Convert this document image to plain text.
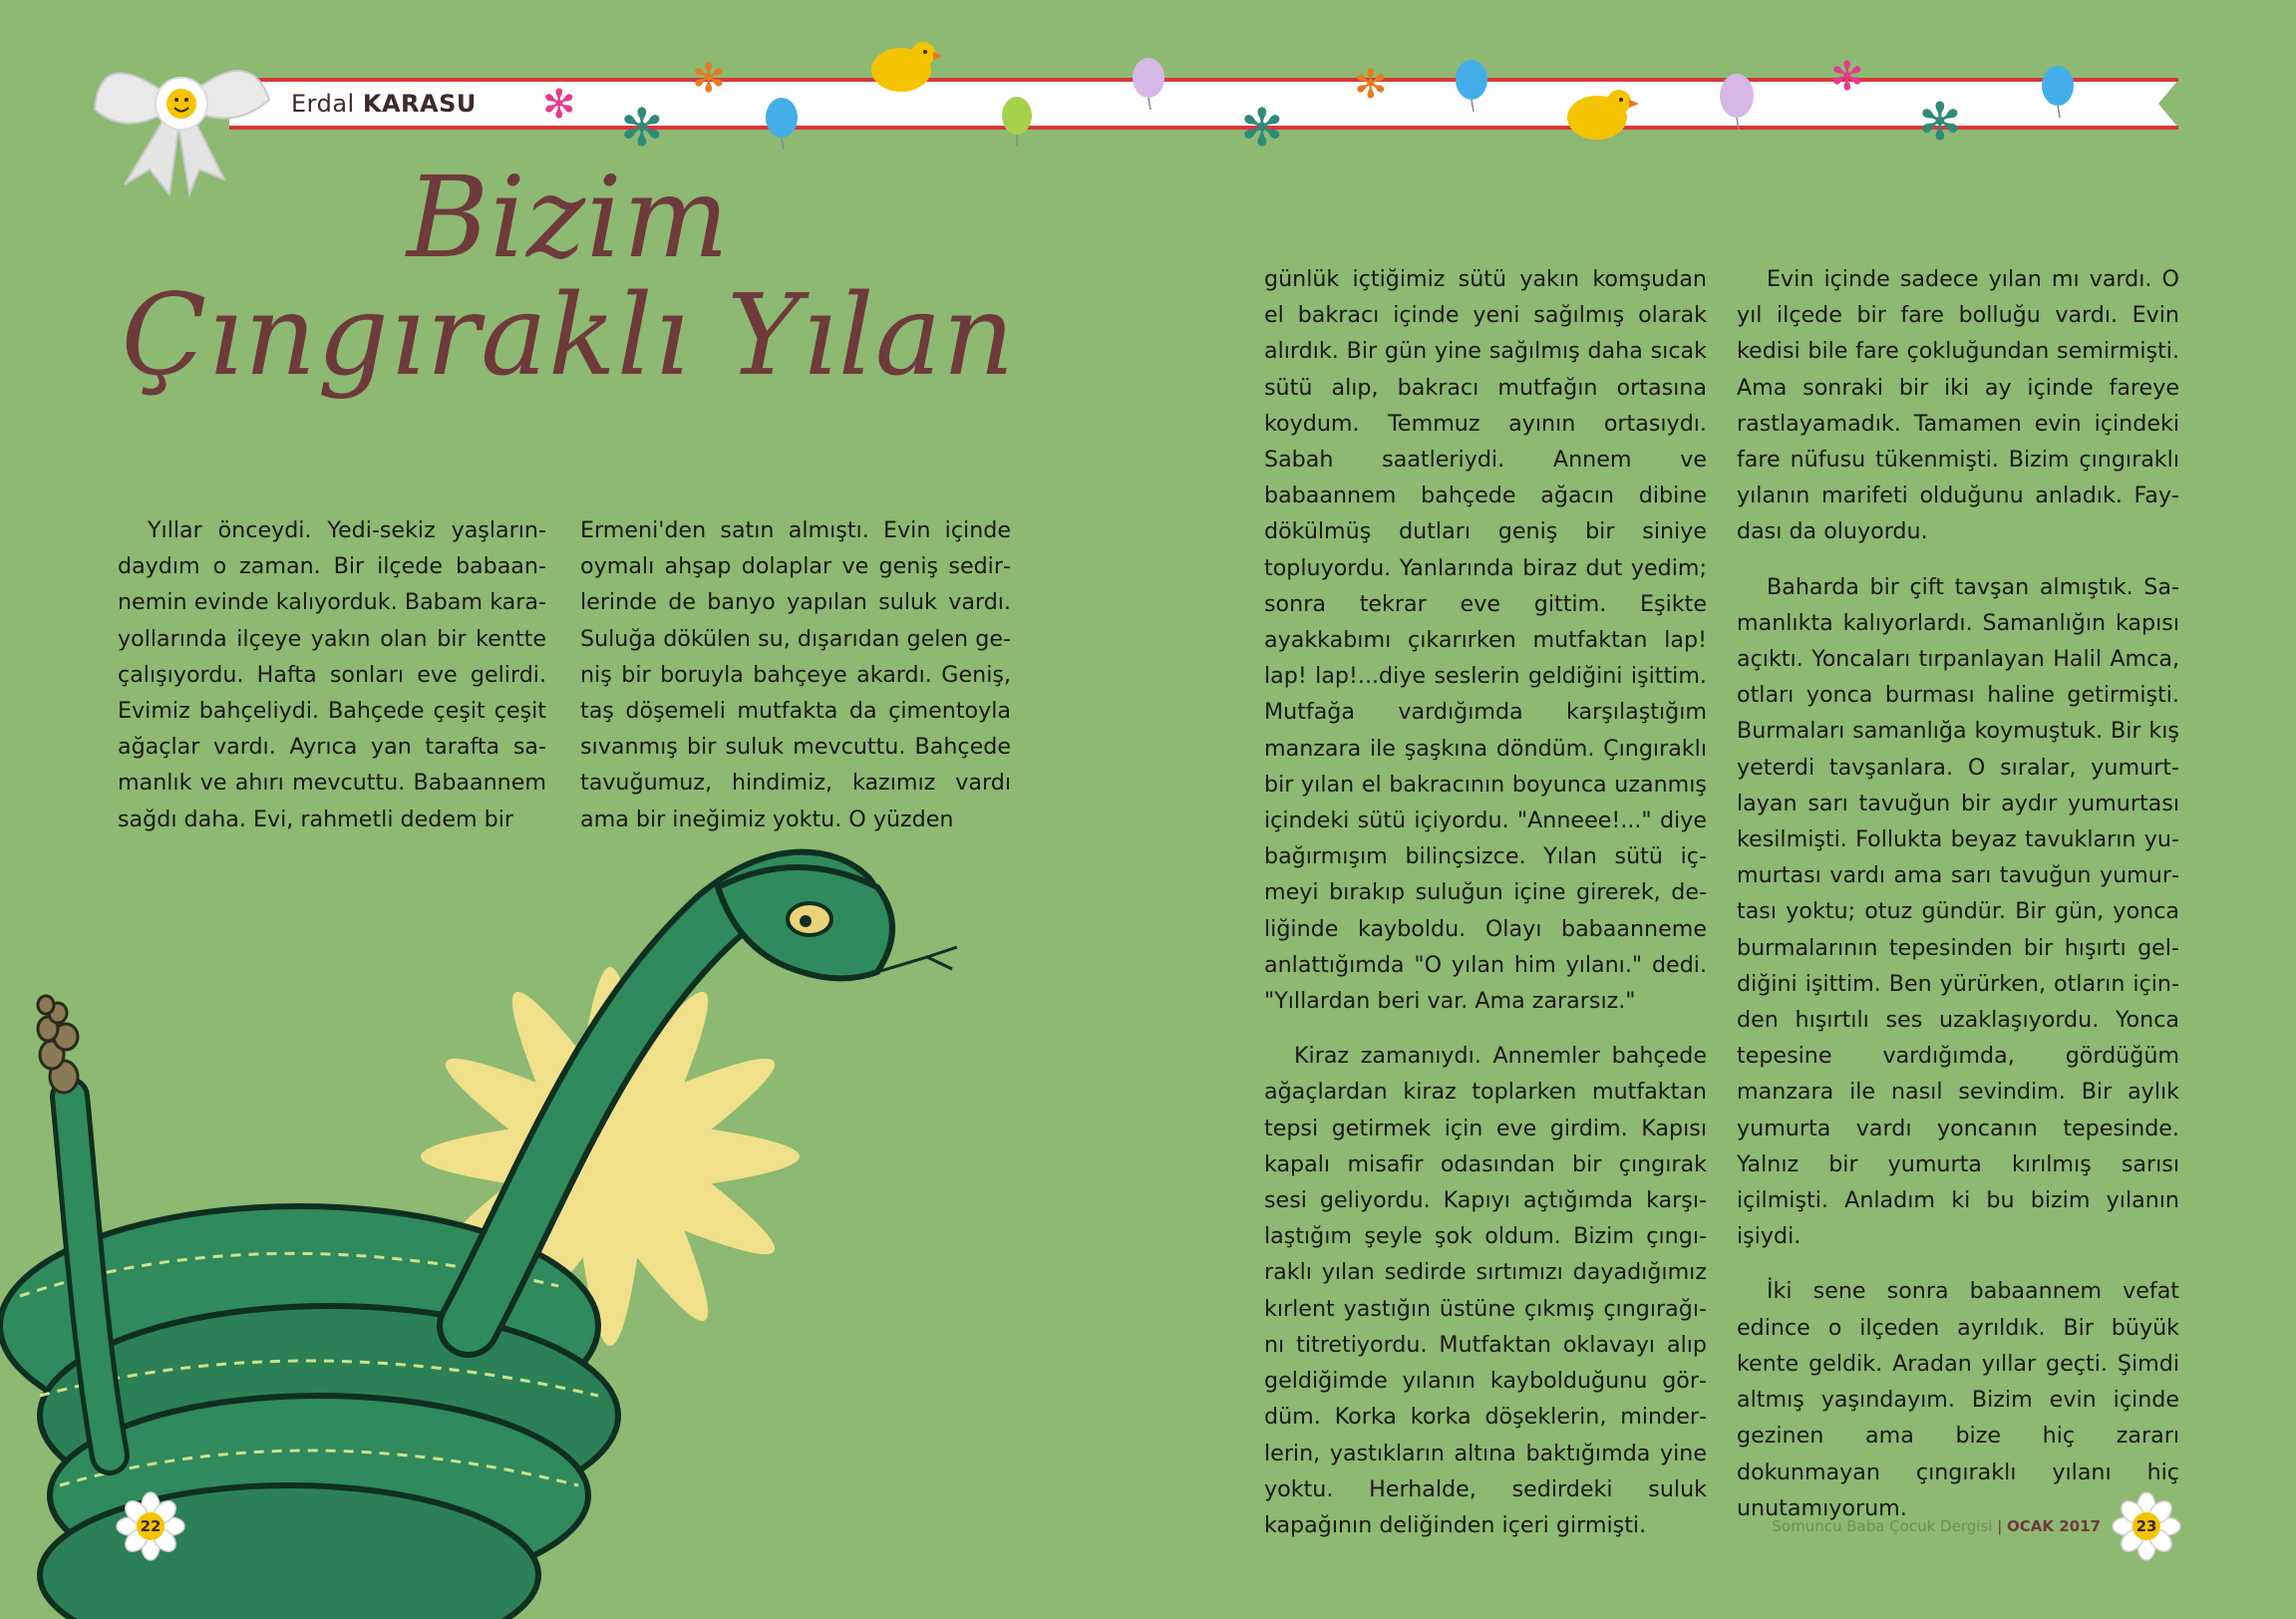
✻
✻
✻	✻
✻	✻	✻
Erdal KARASU
Bizim
Çıngıraklı Yılan

Yıllar önceydi. Yedi-sekiz yaşlarındaydım o zaman. Bir ilçede babaannemin evinde kalıyorduk. Babam karayollarında ilçeye yakın olan bir kentte çalışıyordu. Hafta sonları eve gelirdi. Evimiz bahçeliydi. Bahçede çeşit çeşit ağaçlar vardı. Ayrıca yan tarafta samanlık ve ahırı mevcuttu. Babaannem sağdı daha. Evi, rahmetli dedem bir

Ermeni'den satın almıştı. Evin içinde oymalı ahşap dolaplar ve geniş sedirlerinde de banyo yapılan suluk vardı. Suluğa dökülen su, dışarıdan gelen geniş bir boruyla bahçeye akardı. Geniş, taş döşemeli mutfakta da çimentoyla sıvanmış bir suluk mevcuttu. Bahçede tavuğumuz, hindimiz, kazımız vardı ama bir ineğimiz yoktu. O yüzden

günlük içtiğimiz sütü yakın komşudan el bakracı içinde yeni sağılmış olarak alırdık. Bir gün yine sağılmış daha sıcak sütü alıp, bakracı mutfağın ortasına koydum. Temmuz ayının ortasıydı. Sabah saatleriydi. Annem ve babaannem bahçede ağacın dibine dökülmüş dutları geniş bir siniye topluyordu. Yanlarında biraz dut yedim; sonra tekrar eve gittim. Eşikte ayakkabımı çıkarırken mutfaktan lap! lap! lap!...diye seslerin geldiğini işittim. Mutfağa vardığımda karşılaştığım manzara ile şaşkına döndüm. Çıngıraklı bir yılan el bakracının boyunca uzanmış içindeki sütü içiyordu. "Anneee!..." diye bağırmışım bilinçsizce. Yılan sütü içmeyi bırakıp suluğun içine girerek, deliğinde kayboldu. Olayı babaanneme anlattığımda "O yılan him yılanı." dedi. "Yıllardan beri var. Ama zararsız."

Kiraz zamanıydı. Annemler bahçede ağaçlardan kiraz toplarken mutfaktan tepsi getirmek için eve girdim. Kapısı kapalı misafir odasından bir çıngırak sesi geliyordu. Kapıyı açtığımda karşılaştığım şeyle şok oldum. Bizim çıngıraklı yılan sedirde sırtımızı dayadığımız kırlent yastığın üstüne çıkmış çıngırağını titretiyordu. Mutfaktan oklavayı alıp geldiğimde yılanın kaybolduğunu gördüm. Korka korka döşeklerin, minderlerin, yastıkların altına baktığımda yine yoktu. Herhalde, sedirdeki suluk kapağının deliğinden içeri girmişti.

Evin içinde sadece yılan mı vardı. O yıl ilçede bir fare bolluğu vardı. Evin kedisi bile fare çokluğundan semirmişti. Ama sonraki bir iki ay içinde fareye rastlayamadık. Tamamen evin içindeki fare nüfusu tükenmişti. Bizim çıngıraklı yılanın marifeti olduğunu anladık. Faydası da oluyordu.

Baharda bir çift tavşan almıştık. Samanlıkta kalıyorlardı. Samanlığın kapısı açıktı. Yoncaları tırpanlayan Halil Amca, otları yonca burması haline getirmişti. Burmaları samanlığa koymuştuk. Bir kış yeterdi tavşanlara. O sıralar, yumurtlayan sarı tavuğun bir aydır yumurtası kesilmişti. Folluktа beyaz tavukların yumurtası vardı ama sarı tavuğun yumurtası yoktu; otuz gündür. Bir gün, yonca burmalarının tepesinden bir hışırtı geldiğini işittim. Ben yürürken, otların içinden hışırtılı ses uzaklaşıyordu. Yonca tepesine vardığımda, gördüğüm manzara ile nasıl sevindim. Bir aylık yumurta vardı yoncanın tepesinde. Yalnız bir yumurta kırılmış sarısı içilmişti. Anladım ki bu bizim yılanın işiydi.

İki sene sonra babaannem vefat edince o ilçeden ayrıldık. Bir büyük kente geldik. Aradan yıllar geçti. Şimdi altmış yaşındayım. Bizim evin içinde gezinen ama bize hiç zararı dokunmayan çıngıraklı yılanı hiç unutamıyorum.

22	Somuncu Baba Çocuk Dergisi | OCAK 2017	23
